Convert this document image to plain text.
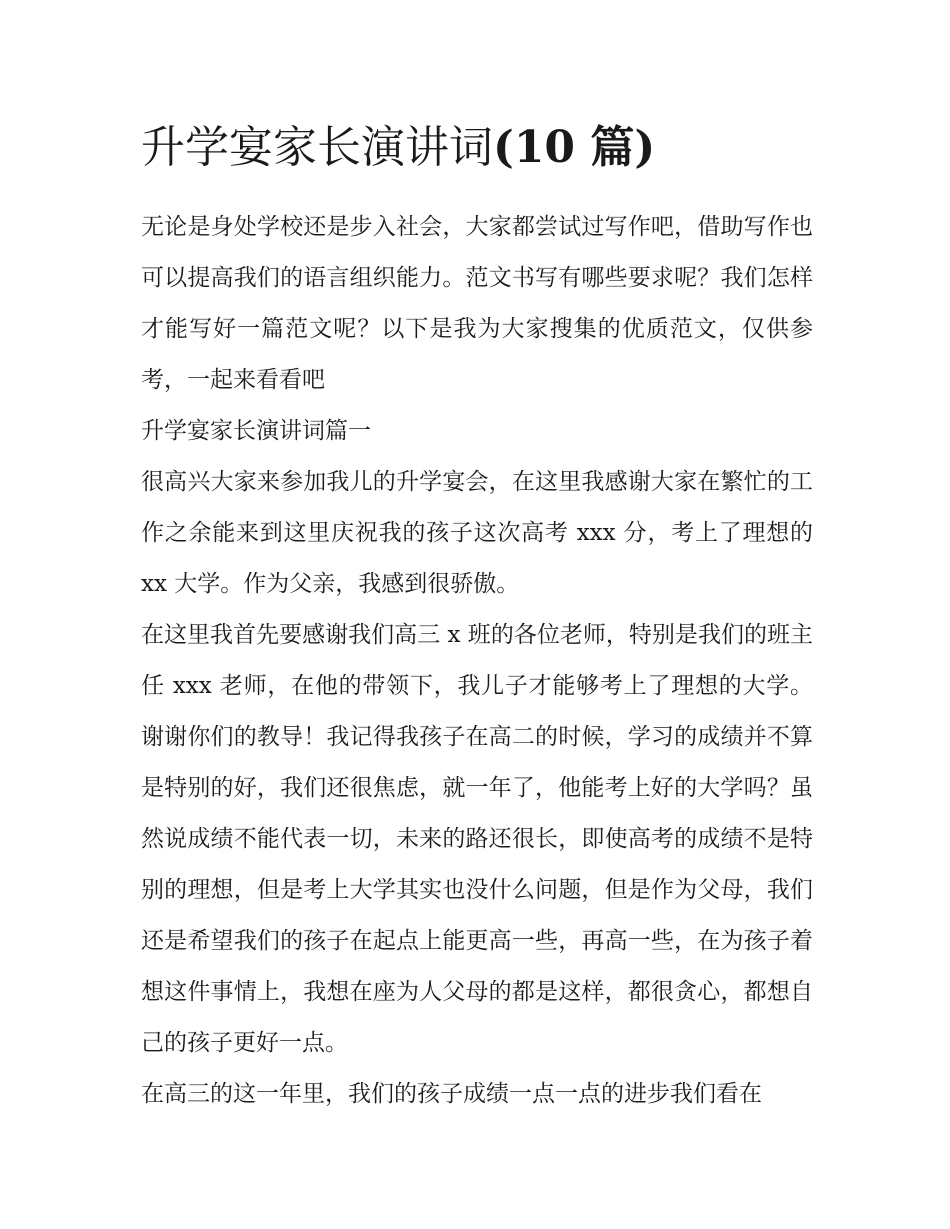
升学宴家长演讲词(10 篇)

无论是身处学校还是步入社会，大家都尝试过写作吧，借助写作也可以提高我们的语言组织能力。范文书写有哪些要求呢？我们怎样才能写好一篇范文呢？以下是我为大家搜集的优质范文，仅供参考，一起来看看吧

升学宴家长演讲词篇一

很高兴大家来参加我儿的升学宴会，在这里我感谢大家在繁忙的工作之余能来到这里庆祝我的孩子这次高考 xxx 分，考上了理想的 xx 大学。作为父亲，我感到很骄傲。

在这里我首先要感谢我们高三 x 班的各位老师，特别是我们的班主任 xxx 老师，在他的带领下，我儿子才能够考上了理想的大学。谢谢你们的教导！我记得我孩子在高二的时候，学习的成绩并不算是特别的好，我们还很焦虑，就一年了，他能考上好的大学吗？虽然说成绩不能代表一切，未来的路还很长，即使高考的成绩不是特别的理想，但是考上大学其实也没什么问题，但是作为父母，我们还是希望我们的孩子在起点上能更高一些，再高一些，在为孩子着想这件事情上，我想在座为人父母的都是这样，都很贪心，都想自己的孩子更好一点。

在高三的这一年里，我们的孩子成绩一点一点的进步我们看在
